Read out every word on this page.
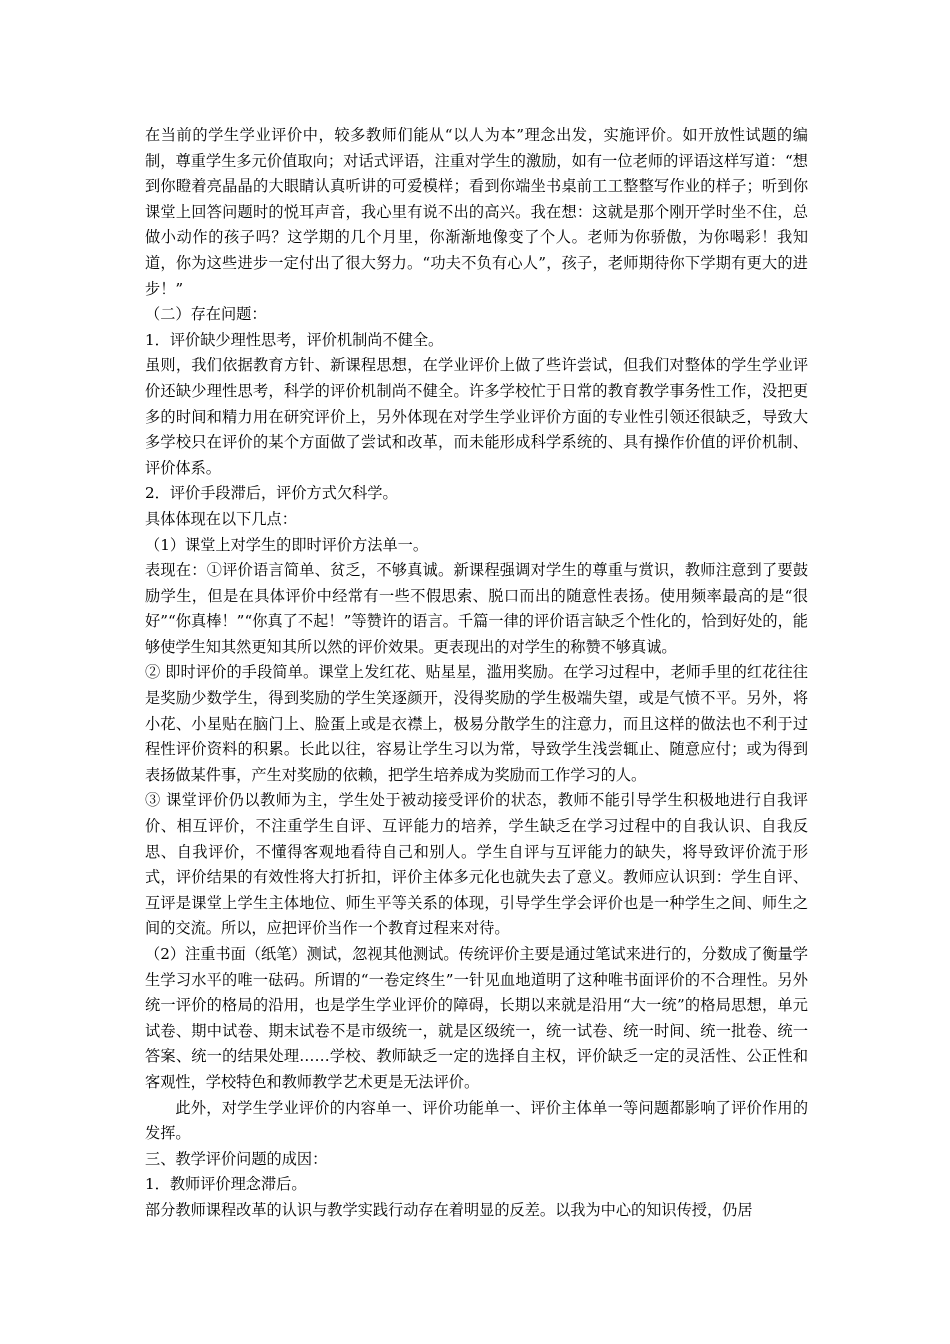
在当前的学生学业评价中，较多教师们能从“以人为本”理念出发，实施评价。如开放性试题的编制，尊重学生多元价值取向；对话式评语，注重对学生的激励，如有一位老师的评语这样写道：“想到你瞪着亮晶晶的大眼睛认真听讲的可爱模样；看到你端坐书桌前工工整整写作业的样子；听到你课堂上回答问题时的悦耳声音，我心里有说不出的高兴。我在想：这就是那个刚开学时坐不住，总做小动作的孩子吗？这学期的几个月里，你渐渐地像变了个人。老师为你骄傲，为你喝彩！我知道，你为这些进步一定付出了很大努力。“功夫不负有心人”，孩子，老师期待你下学期有更大的进步！”

（二）存在问题：

1．评价缺少理性思考，评价机制尚不健全。

虽则，我们依据教育方针、新课程思想，在学业评价上做了些许尝试，但我们对整体的学生学业评价还缺少理性思考，科学的评价机制尚不健全。许多学校忙于日常的教育教学事务性工作，没把更多的时间和精力用在研究评价上，另外体现在对学生学业评价方面的专业性引领还很缺乏，导致大多学校只在评价的某个方面做了尝试和改革，而未能形成科学系统的、具有操作价值的评价机制、评价体系。

2．评价手段滞后，评价方式欠科学。

具体体现在以下几点：

（1）课堂上对学生的即时评价方法单一。

表现在：①评价语言简单、贫乏，不够真诚。新课程强调对学生的尊重与赏识，教师注意到了要鼓励学生，但是在具体评价中经常有一些不假思索、脱口而出的随意性表扬。使用频率最高的是“很好”“你真棒！”“你真了不起！”等赞许的语言。千篇一律的评价语言缺乏个性化的，恰到好处的，能够使学生知其然更知其所以然的评价效果。更表现出的对学生的称赞不够真诚。

② 即时评价的手段简单。课堂上发红花、贴星星，滥用奖励。在学习过程中，老师手里的红花往往是奖励少数学生，得到奖励的学生笑逐颜开，没得奖励的学生极端失望，或是气愤不平。另外，将小花、小星贴在脑门上、脸蛋上或是衣襟上，极易分散学生的注意力，而且这样的做法也不利于过程性评价资料的积累。长此以往，容易让学生习以为常，导致学生浅尝辄止、随意应付；或为得到表扬做某件事，产生对奖励的依赖，把学生培养成为奖励而工作学习的人。

③ 课堂评价仍以教师为主，学生处于被动接受评价的状态，教师不能引导学生积极地进行自我评价、相互评价，不注重学生自评、互评能力的培养，学生缺乏在学习过程中的自我认识、自我反思、自我评价，不懂得客观地看待自己和别人。学生自评与互评能力的缺失，将导致评价流于形式，评价结果的有效性将大打折扣，评价主体多元化也就失去了意义。教师应认识到：学生自评、互评是课堂上学生主体地位、师生平等关系的体现，引导学生学会评价也是一种学生之间、师生之间的交流。所以，应把评价当作一个教育过程来对待。

（2）注重书面（纸笔）测试，忽视其他测试。传统评价主要是通过笔试来进行的，分数成了衡量学生学习水平的唯一砝码。所谓的“一卷定终生”一针见血地道明了这种唯书面评价的不合理性。另外统一评价的格局的沿用，也是学生学业评价的障碍，长期以来就是沿用“大一统”的格局思想，单元试卷、期中试卷、期末试卷不是市级统一，就是区级统一，统一试卷、统一时间、统一批卷、统一答案、统一的结果处理……学校、教师缺乏一定的选择自主权，评价缺乏一定的灵活性、公正性和客观性，学校特色和教师教学艺术更是无法评价。

此外，对学生学业评价的内容单一、评价功能单一、评价主体单一等问题都影响了评价作用的发挥。

三、教学评价问题的成因：

1．教师评价理念滞后。

部分教师课程改革的认识与教学实践行动存在着明显的反差。以我为中心的知识传授，仍居
